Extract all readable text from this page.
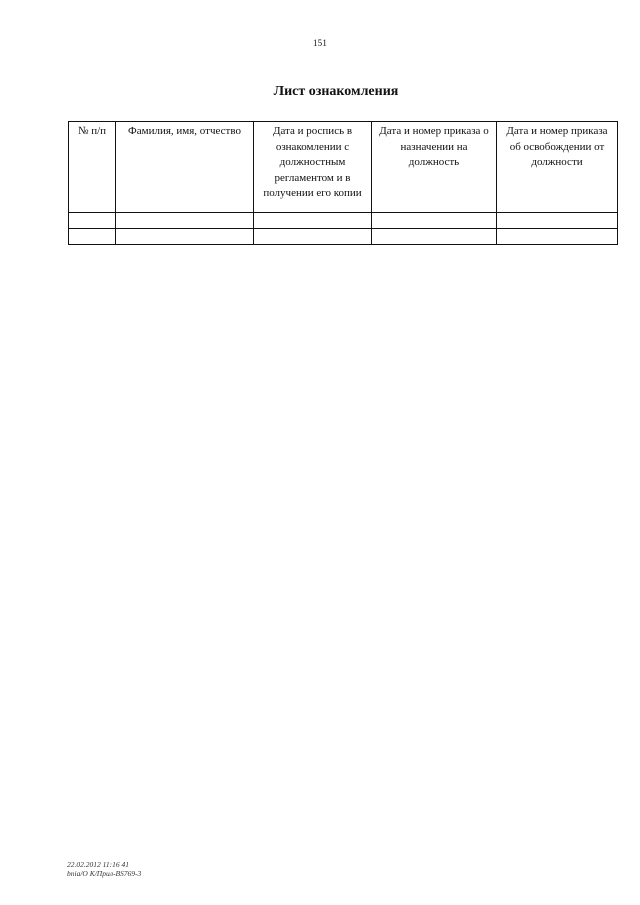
151
Лист ознакомления
№ п/п	Фамилия, имя, отчество	Дата и роспись в ознакомлении с должностным регламентом и в получении его копии	Дата и номер приказа о назначении на должность	Дата и номер приказа об освобождении от должности

22.02.2012 11:16 41
bnia/О К/Прил-BS769-3
